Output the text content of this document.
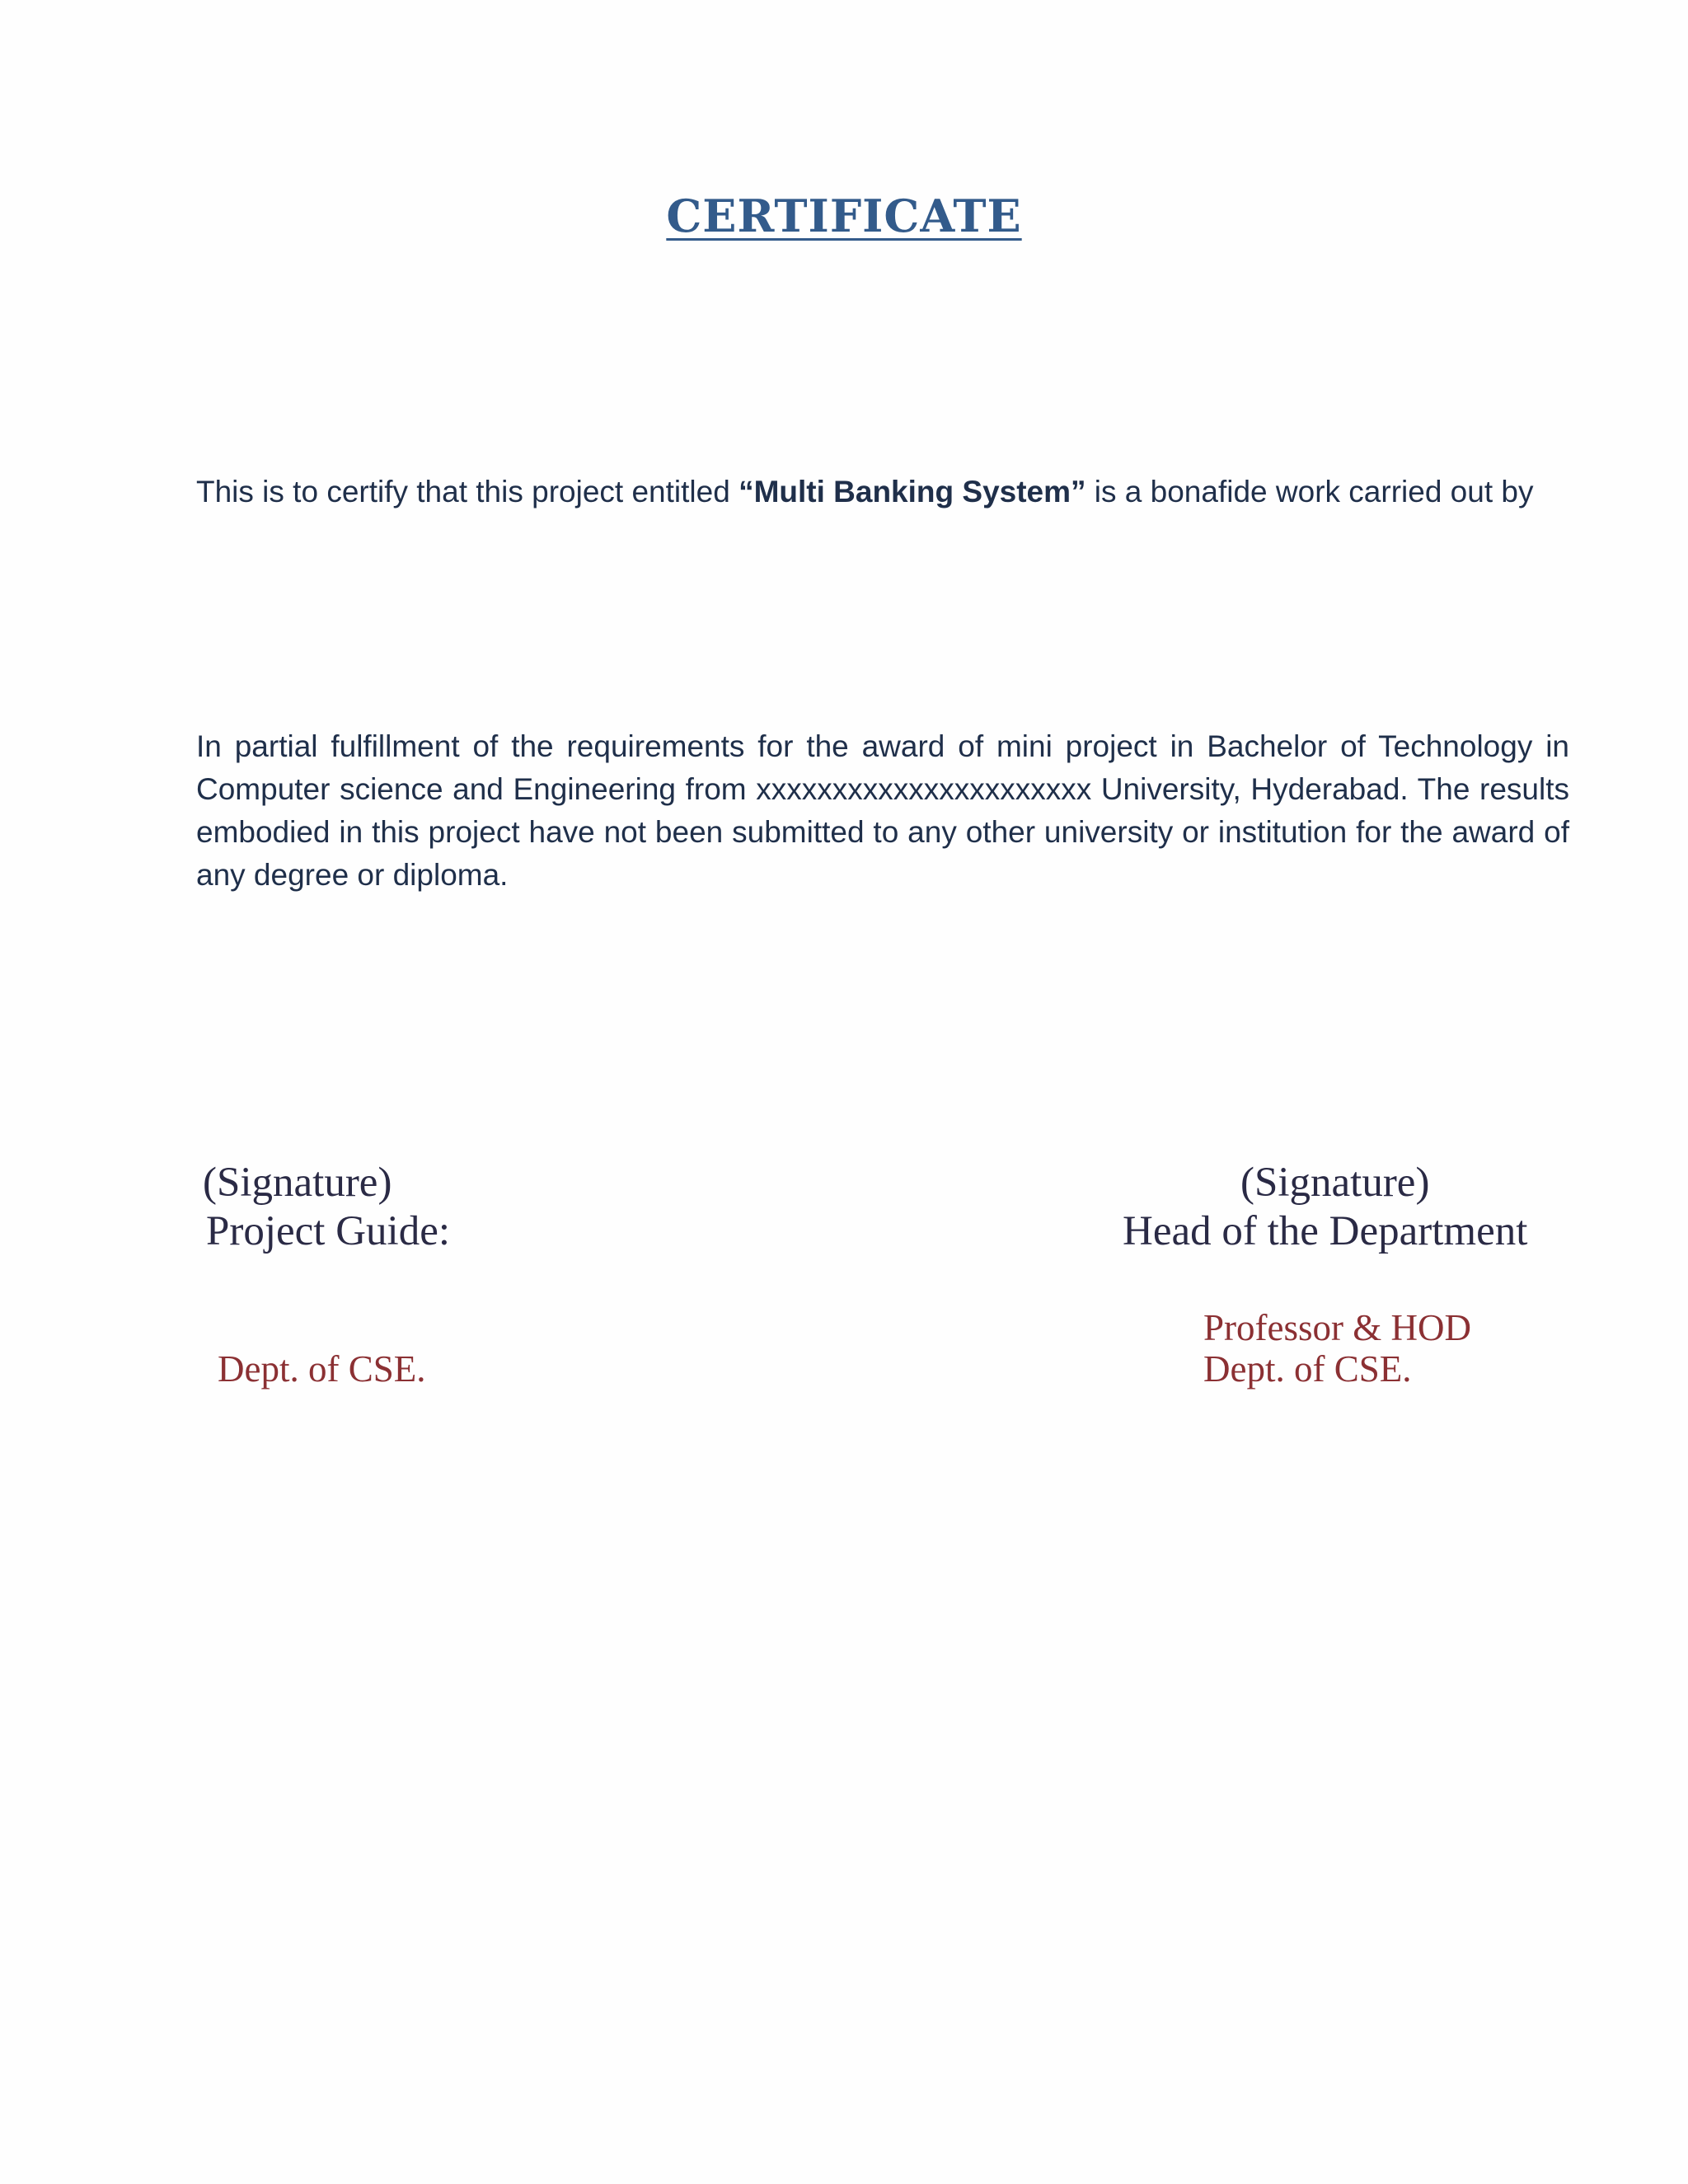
CERTIFICATE
This is to certify that this project entitled “Multi Banking System” is a bonafide work carried out by
In partial fulfillment of the requirements for the award of mini project in Bachelor of Technology in Computer science and Engineering from xxxxxxxxxxxxxxxxxxxxxx University, Hyderabad. The results embodied in this project have not been submitted to any other university or institution for the award of any degree or diploma.
(Signature)
Project Guide:
(Signature)
Head of the Department
Dept. of CSE.
Professor & HOD
Dept. of CSE.
